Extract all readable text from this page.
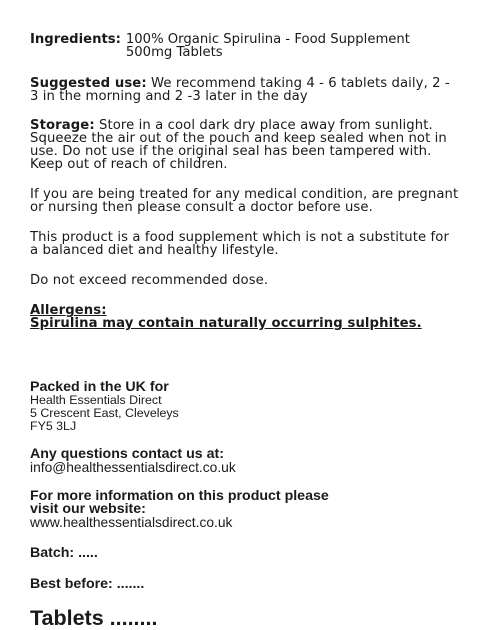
Ingredients: 100% Organic Spirulina - Food Supplement
500mg Tablets
Suggested use: We recommend taking 4 - 6 tablets daily, 2 -
3 in the morning and 2 -3 later in the day
Storage: Store in a cool dark dry place away from sunlight.
Squeeze the air out of the pouch and keep sealed when not in
use. Do not use if the original seal has been tampered with.
Keep out of reach of children.
If you are being treated for any medical condition, are pregnant
or nursing then please consult a doctor before use.
This product is a food supplement which is not a substitute for
a balanced diet and healthy lifestyle.
Do not exceed recommended dose.
Allergens:
Spirulina may contain naturally occurring sulphites.
Packed in the UK for
Health Essentials Direct
5 Crescent East, Cleveleys
FY5 3LJ
Any questions contact us at:
info@healthessentialsdirect.co.uk
For more information on this product please
visit our website:
www.healthessentialsdirect.co.uk
Batch: .....
Best before: .......
Tablets ........
